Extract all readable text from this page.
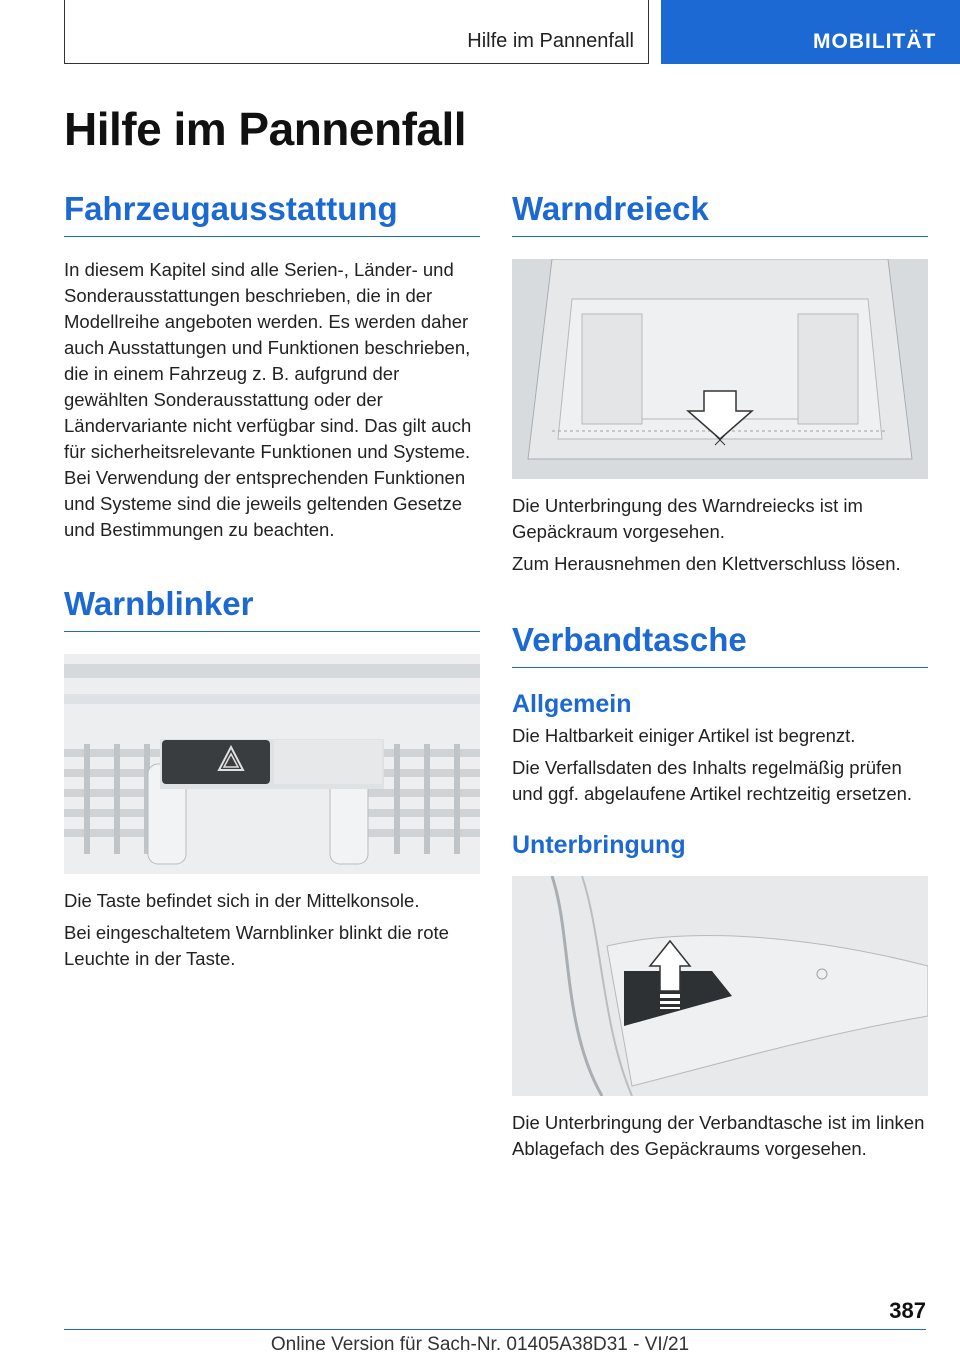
Hilfe im Pannenfall	MOBILITÄT
Hilfe im Pannenfall
Fahrzeugausstattung

In diesem Kapitel sind alle Serien-, Länder- und Sonderausstattungen beschrieben, die in der Modellreihe angeboten werden. Es werden daher auch Ausstattungen und Funktionen beschrieben, die in einem Fahrzeug z. B. aufgrund der gewählten Sonderausstattung oder der Ländervariante nicht verfügbar sind. Das gilt auch für sicherheitsrelevante Funktionen und Systeme. Bei Verwendung der entsprechenden Funktionen und Systeme sind die jeweils geltenden Gesetze und Bestimmungen zu beachten.

Warnblinker

Die Taste befindet sich in der Mittelkonsole.

Bei eingeschaltetem Warnblinker blinkt die rote Leuchte in der Taste.

Warndreieck

Die Unterbringung des Warndreiecks ist im Gepäckraum vorgesehen.

Zum Herausnehmen den Klettverschluss lösen.

Verbandtasche
Allgemein

Die Haltbarkeit einiger Artikel ist begrenzt.

Die Verfallsdaten des Inhalts regelmäßig prüfen und ggf. abgelaufene Artikel rechtzeitig ersetzen.

Unterbringung

Die Unterbringung der Verbandtasche ist im linken Ablagefach des Gepäckraums vorgesehen.

387
Online Version für Sach-Nr. 01405A38D31 - VI/21
